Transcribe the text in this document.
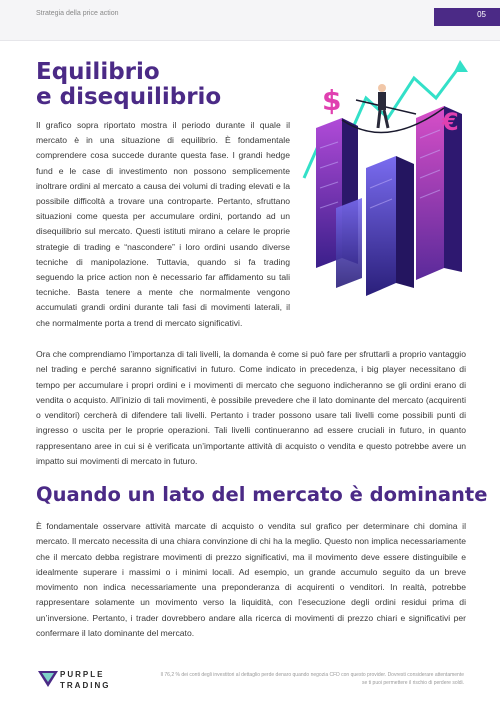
Strategia della price action	05
Equilibrio
e disequilibrio

Il grafico sopra riportato mostra il periodo durante il quale il mercato è in una situazione di equilibrio. È fondamentale comprendere cosa succede durante questa fase. I grandi hedge fund e le case di investimento non possono semplicemente inoltrare ordini al mercato a causa dei volumi di trading elevati e la possibile difficoltà a trovare una controparte. Pertanto, sfruttano situazioni come questa per accumulare ordini, portando ad un disequilibrio sul mercato. Questi istituti mirano a celare le proprie strategie di trading e “nascondere” i loro ordini usando diverse tecniche di manipolazione. Tuttavia, quando si fa trading seguendo la price action non è necessario far affidamento su tali tecniche. Basta tenere a mente che normalmente vengono accumulati grandi ordini durante tali fasi di movimenti laterali, il che normalmente porta a trend di mercato significativi.

$
€

Ora che comprendiamo l’importanza di tali livelli, la domanda è come si può fare per sfruttarli a proprio vantaggio nel trading e perché saranno significativi in futuro. Come indicato in precedenza, i big player necessitano di tempo per accumulare i propri ordini e i movimenti di mercato che seguono indicheranno se gli ordini erano di vendita o acquisto. All’inizio di tali movimenti, è possibile prevedere che il lato dominante del mercato (acquirenti o venditori) cercherà di difendere tali livelli. Pertanto i trader possono usare tali livelli come possibili punti di ingresso o uscita per le proprie operazioni. Tali livelli continueranno ad essere cruciali in futuro, in quanto rappresentano aree in cui si è verificata un’importante attività di acquisto o vendita e questo potrebbe avere un impatto sui movimenti di mercato in futuro.

Quando un lato del mercato è dominante

È fondamentale osservare attività marcate di acquisto o vendita sul grafico per determinare chi domina il mercato. Il mercato necessita di una chiara convinzione di chi ha la meglio. Questo non implica necessariamente che il mercato debba registrare movimenti di prezzo significativi, ma il movimento deve essere distinguibile e idealmente superare i massimi o i minimi locali. Ad esempio, un grande accumulo seguito da un breve movimento non indica necessariamente una preponderanza di acquirenti o venditori. In realtà, potrebbe rappresentare solamente un movimento verso la liquidità, con l’esecuzione degli ordini residui prima di un’inversione. Pertanto, i trader dovrebbero andare alla ricerca di movimenti di prezzo chiari e significativi per confermare il lato dominante del mercato.

PURPLE
TRADING
Il 76,2 % dei conti degli investitori al dettaglio perde denaro quando negozia CFD con questo provider. Dovresti considerare attentamente se ti puoi permettere il rischio di perdere soldi.
